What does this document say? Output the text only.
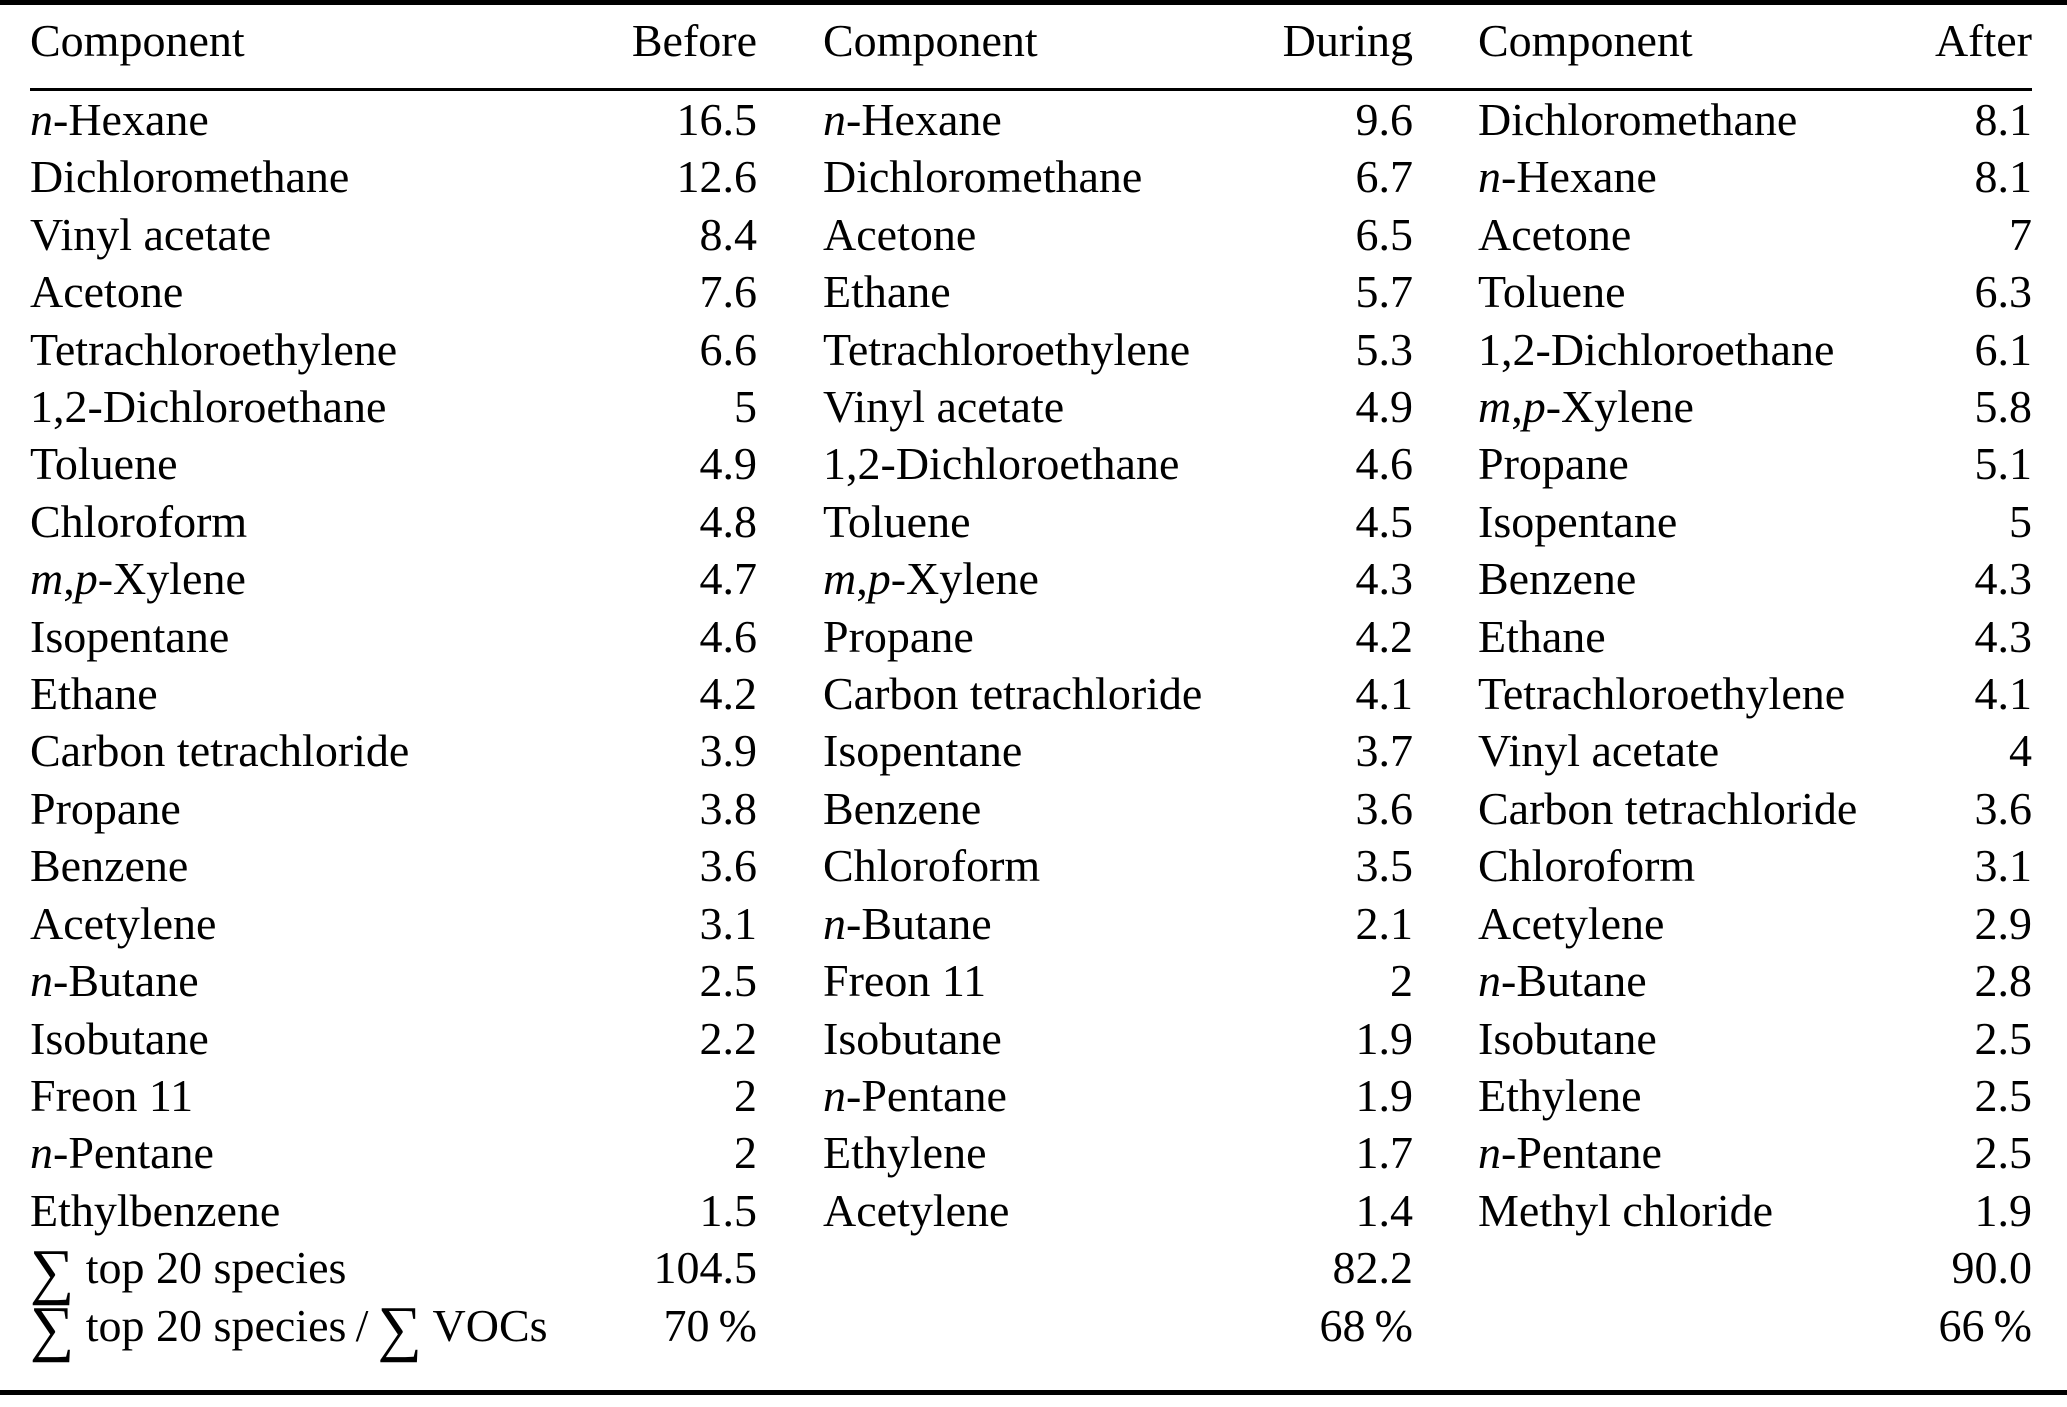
Component	Before		Component	During		Component	After
n-Hexane	16.5		n-Hexane	9.6		Dichloromethane	8.1
Dichloromethane	12.6		Dichloromethane	6.7		n-Hexane	8.1
Vinyl acetate	8.4		Acetone	6.5		Acetone	7
Acetone	7.6		Ethane	5.7		Toluene	6.3
Tetrachloroethylene	6.6		Tetrachloroethylene	5.3		1,2-Dichloroethane	6.1
1,2-Dichloroethane	5		Vinyl acetate	4.9		m,p-Xylene	5.8
Toluene	4.9		1,2-Dichloroethane	4.6		Propane	5.1
Chloroform	4.8		Toluene	4.5		Isopentane	5
m,p-Xylene	4.7		m,p-Xylene	4.3		Benzene	4.3
Isopentane	4.6		Propane	4.2		Ethane	4.3
Ethane	4.2		Carbon tetrachloride	4.1		Tetrachloroethylene	4.1
Carbon tetrachloride	3.9		Isopentane	3.7		Vinyl acetate	4
Propane	3.8		Benzene	3.6		Carbon tetrachloride	3.6
Benzene	3.6		Chloroform	3.5		Chloroform	3.1
Acetylene	3.1		n-Butane	2.1		Acetylene	2.9
n-Butane	2.5		Freon 11	2		n-Butane	2.8
Isobutane	2.2		Isobutane	1.9		Isobutane	2.5
Freon 11	2		n-Pentane	1.9		Ethylene	2.5
n-Pentane	2		Ethylene	1.7		n-Pentane	2.5
Ethylbenzene	1.5		Acetylene	1.4		Methyl chloride	1.9
∑ top 20 species	104.5			82.2			90.0
∑ top 20 species / ∑ VOCs	70 %			68 %			66 %
